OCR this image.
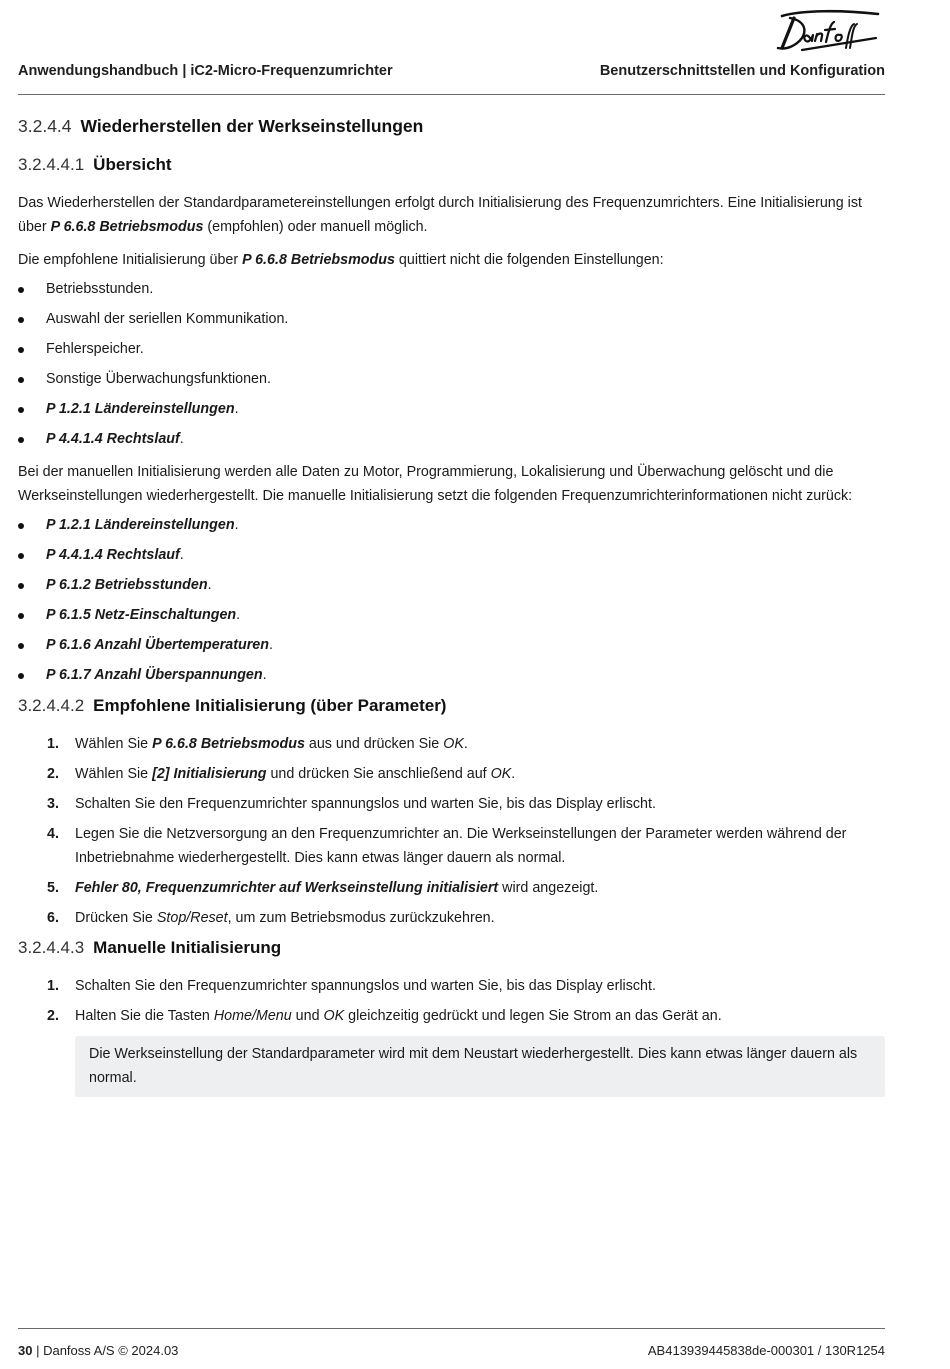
Anwendungshandbuch | iC2-Micro-Frequenzumrichter	Benutzerschnittstellen und Konfiguration
3.2.4.4 Wiederherstellen der Werkseinstellungen
3.2.4.4.1 Übersicht

Das Wiederherstellen der Standardparametereinstellungen erfolgt durch Initialisierung des Frequenzumrichters. Eine Initialisierung ist über P 6.6.8 Betriebsmodus (empfohlen) oder manuell möglich.

Die empfohlene Initialisierung über P 6.6.8 Betriebsmodus quittiert nicht die folgenden Einstellungen:

Betriebsstunden.
Auswahl der seriellen Kommunikation.
Fehlerspeicher.
Sonstige Überwachungsfunktionen.
P 1.2.1 Ländereinstellungen.
P 4.4.1.4 Rechtslauf.

Bei der manuellen Initialisierung werden alle Daten zu Motor, Programmierung, Lokalisierung und Überwachung gelöscht und die Werkseinstellungen wiederhergestellt. Die manuelle Initialisierung setzt die folgenden Frequenzumrichterinformationen nicht zurück:

P 1.2.1 Ländereinstellungen.
P 4.4.1.4 Rechtslauf.
P 6.1.2 Betriebsstunden.
P 6.1.5 Netz-Einschaltungen.
P 6.1.6 Anzahl Übertemperaturen.
P 6.1.7 Anzahl Überspannungen.
3.2.4.4.2 Empfohlene Initialisierung (über Parameter)
1. Wählen Sie P 6.6.8 Betriebsmodus aus und drücken Sie OK.
2. Wählen Sie [2] Initialisierung und drücken Sie anschließend auf OK.
3. Schalten Sie den Frequenzumrichter spannungslos und warten Sie, bis das Display erlischt.
4. Legen Sie die Netzversorgung an den Frequenzumrichter an. Die Werkseinstellungen der Parameter werden während der Inbetriebnahme wiederhergestellt. Dies kann etwas länger dauern als normal.
5. Fehler 80, Frequenzumrichter auf Werkseinstellung initialisiert wird angezeigt.
6. Drücken Sie Stop/Reset, um zum Betriebsmodus zurückzukehren.
3.2.4.4.3 Manuelle Initialisierung
1. Schalten Sie den Frequenzumrichter spannungslos und warten Sie, bis das Display erlischt.
2. Halten Sie die Tasten Home/Menu und OK gleichzeitig gedrückt und legen Sie Strom an das Gerät an.
Die Werkseinstellung der Standardparameter wird mit dem Neustart wiederhergestellt. Dies kann etwas länger dauern als normal.
30 | Danfoss A/S © 2024.03	AB413939445838de-000301 / 130R1254
